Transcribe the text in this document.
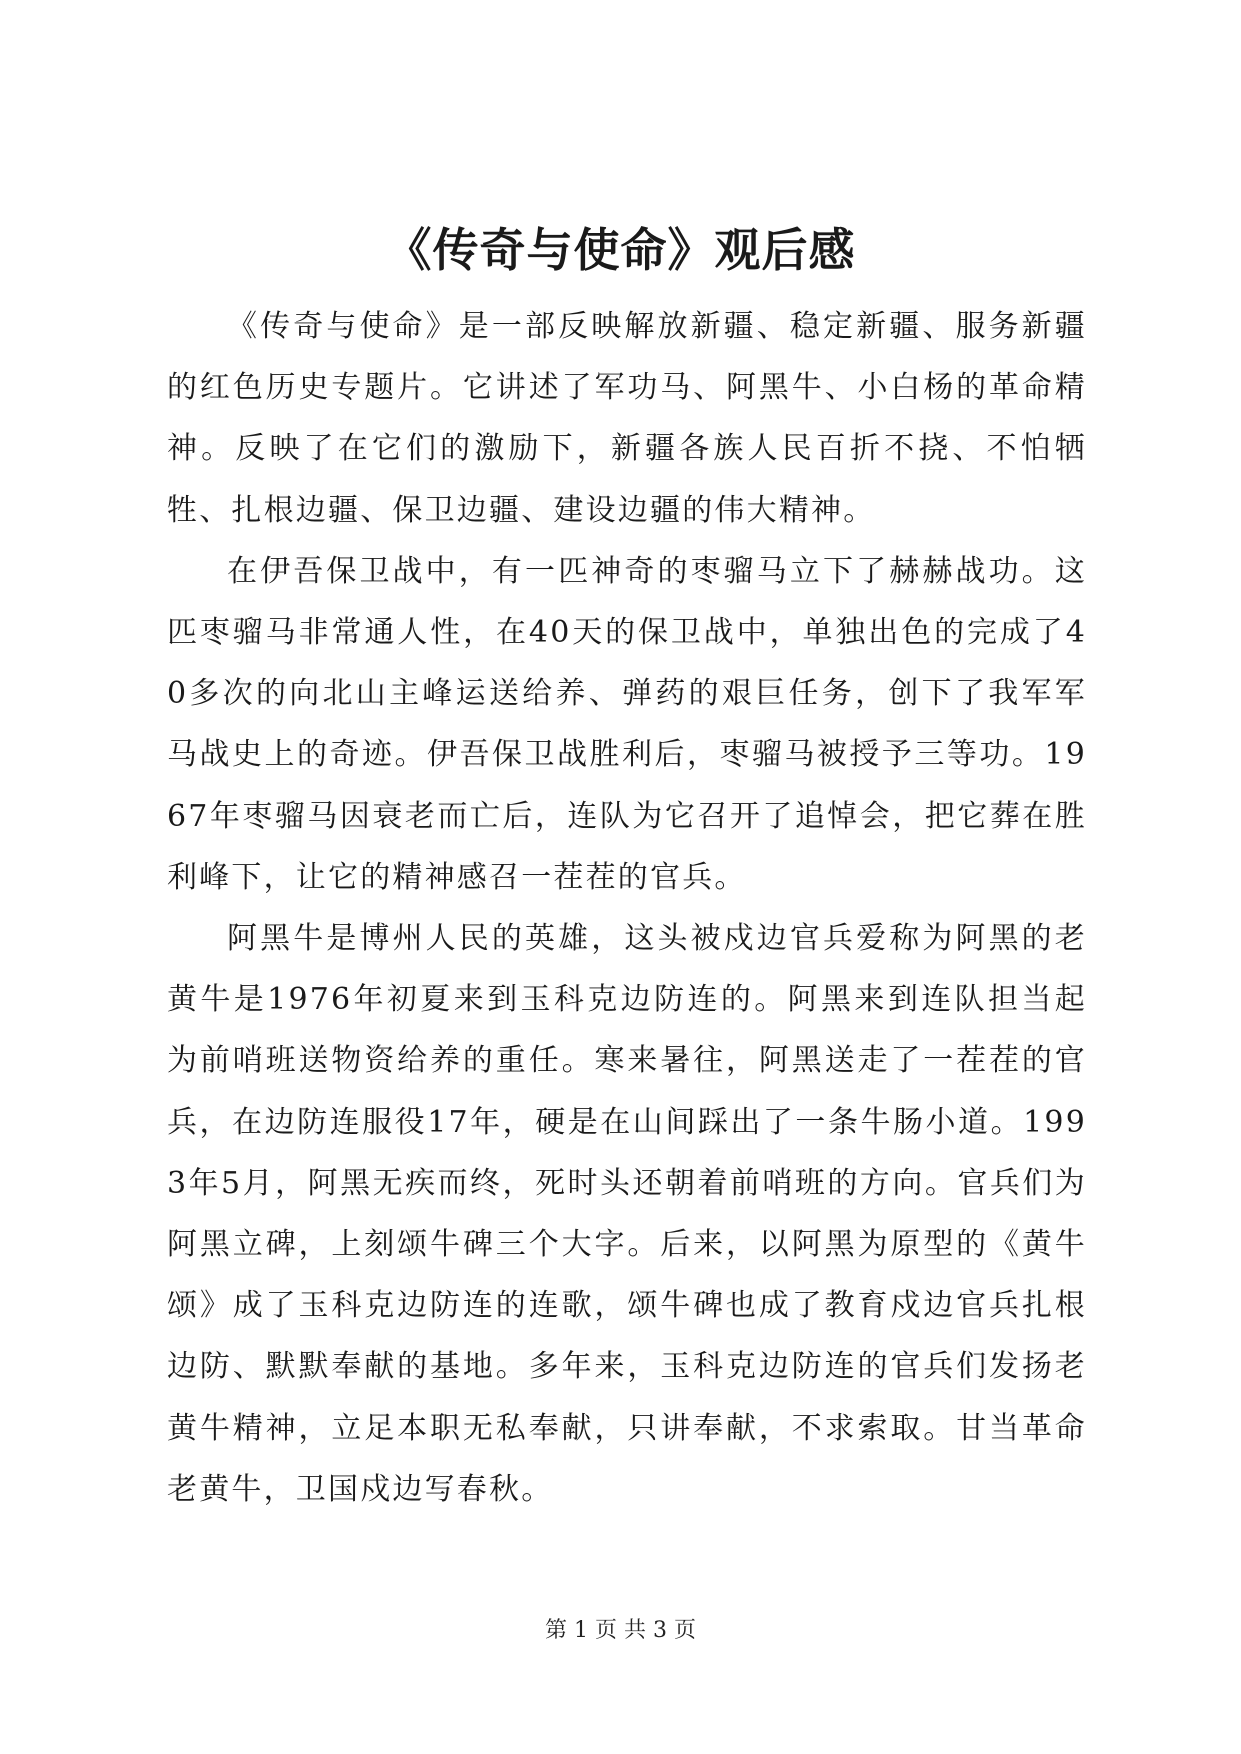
《传奇与使命》观后感

《传奇与使命》是一部反映解放新疆、稳定新疆、服务新疆的红色历史专题片。它讲述了军功马、阿黑牛、小白杨的革命精神。反映了在它们的激励下，新疆各族人民百折不挠、不怕牺牲、扎根边疆、保卫边疆、建设边疆的伟大精神。

在伊吾保卫战中，有一匹神奇的枣骝马立下了赫赫战功。这匹枣骝马非常通人性，在40天的保卫战中，单独出色的完成了40多次的向北山主峰运送给养、弹药的艰巨任务，创下了我军军马战史上的奇迹。伊吾保卫战胜利后，枣骝马被授予三等功。1967年枣骝马因衰老而亡后，连队为它召开了追悼会，把它葬在胜利峰下，让它的精神感召一茬茬的官兵。

阿黑牛是博州人民的英雄，这头被戍边官兵爱称为阿黑的老黄牛是1976年初夏来到玉科克边防连的。阿黑来到连队担当起为前哨班送物资给养的重任。寒来暑往，阿黑送走了一茬茬的官兵，在边防连服役17年，硬是在山间踩出了一条牛肠小道。1993年5月，阿黑无疾而终，死时头还朝着前哨班的方向。官兵们为阿黑立碑，上刻颂牛碑三个大字。后来，以阿黑为原型的《黄牛颂》成了玉科克边防连的连歌，颂牛碑也成了教育戍边官兵扎根边防、默默奉献的基地。多年来，玉科克边防连的官兵们发扬老黄牛精神，立足本职无私奉献，只讲奉献，不求索取。甘当革命老黄牛，卫国戍边写春秋。

第 1 页 共 3 页
